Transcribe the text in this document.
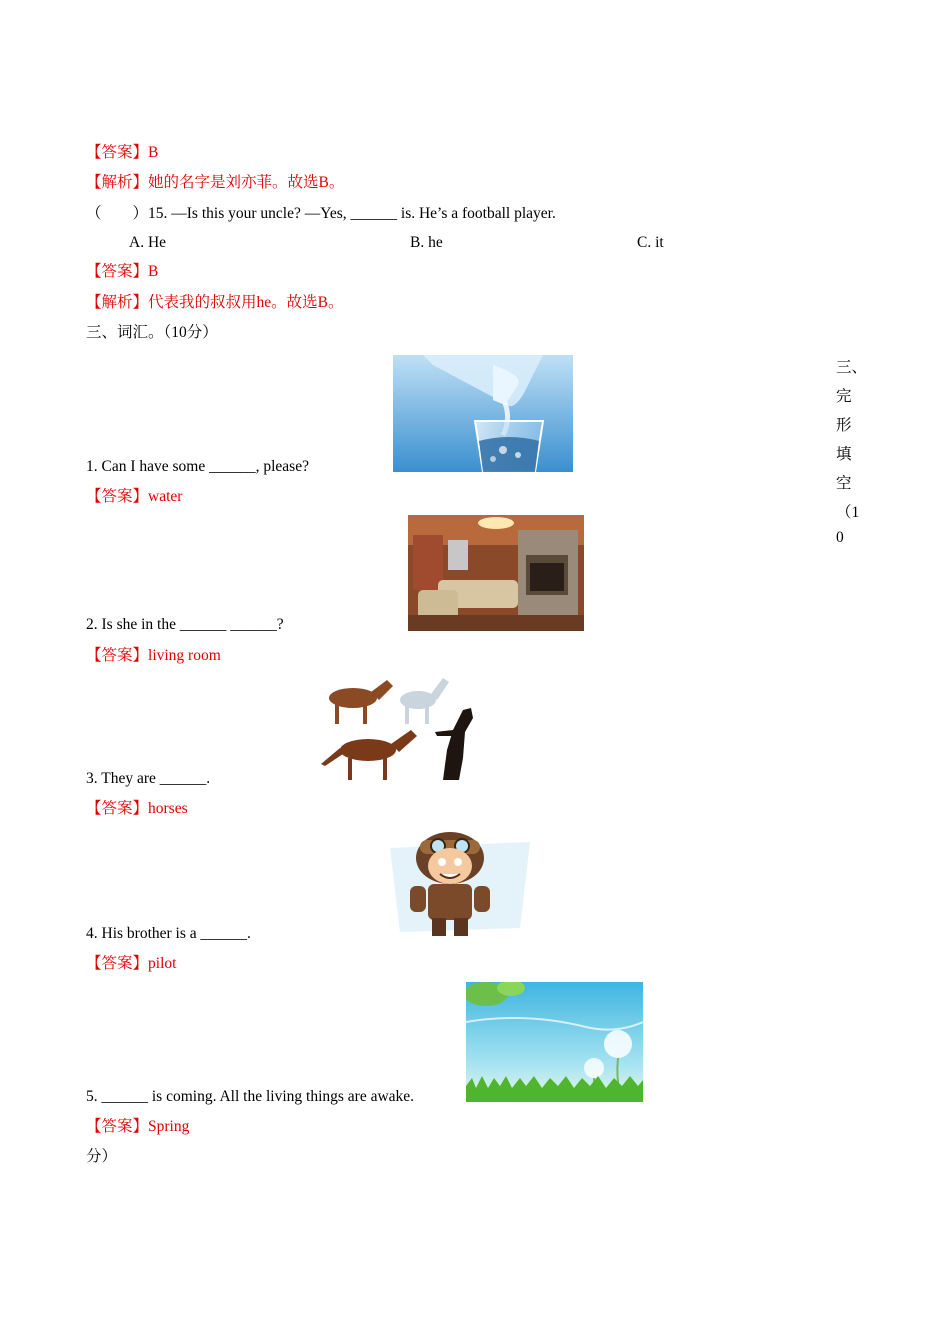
【答案】B
【解析】她的名字是刘亦菲。故选B。
（　　）15. —Is this your uncle? —Yes, ______ is. He’s a football player.
A. He	B. he	C. it
【答案】B
【解析】代表我的叔叔用he。故选B。
三、词汇。（10分）
三、
完
形
填
空
（1
0
1. Can I have some ______, please?
【答案】water
2. Is she in the ______ ______?
【答案】living room
3. They are ______.
【答案】horses
4. His brother is a ______.
【答案】pilot
5. ______ is coming. All the living things are awake.
【答案】Spring
分）
